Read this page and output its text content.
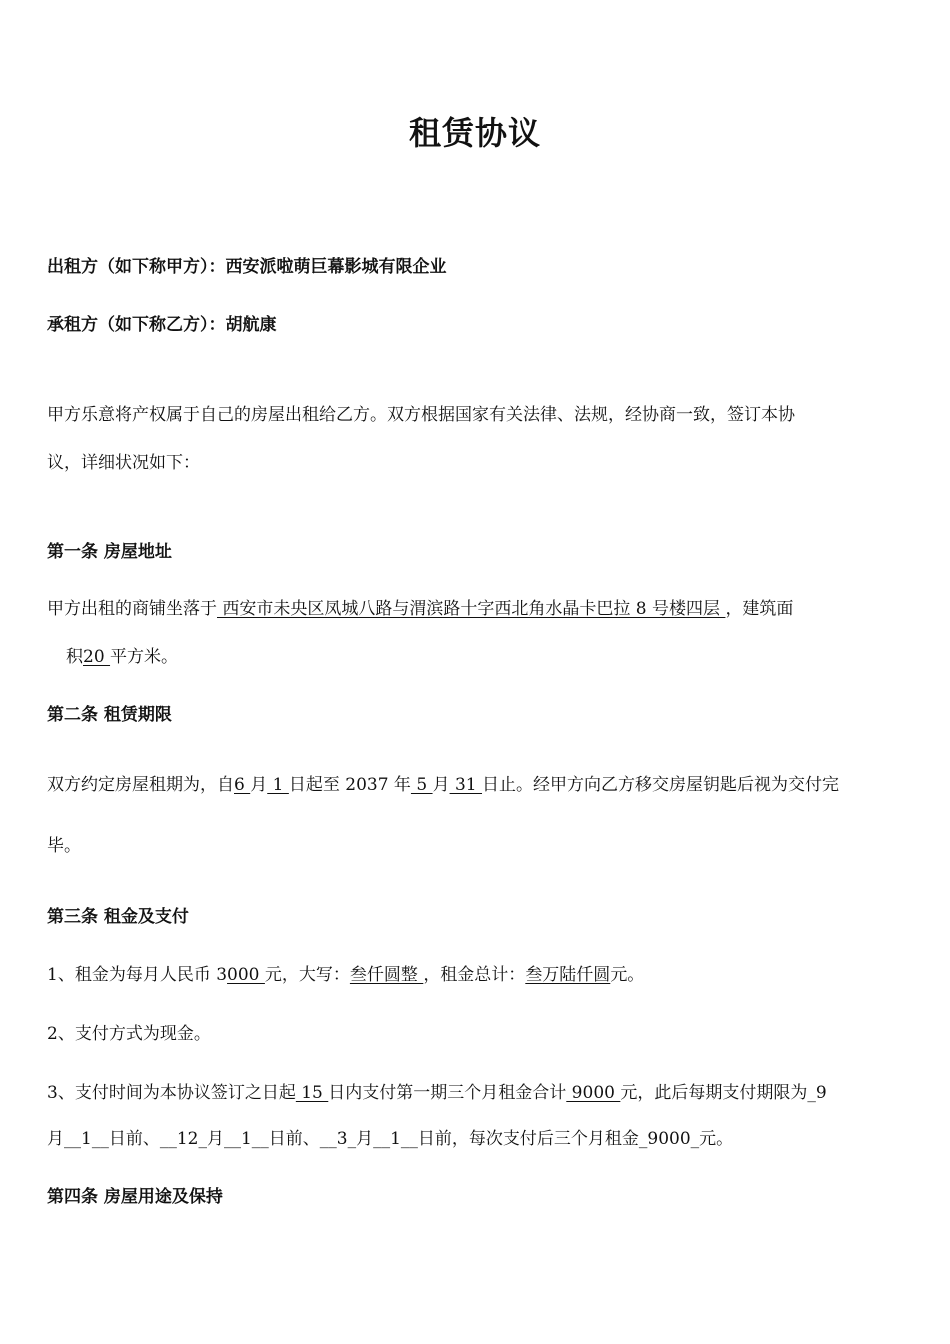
租赁协议
出租方（如下称甲方）：西安派啦萌巨幕影城有限企业
承租方（如下称乙方）：胡航康
甲方乐意将产权属于自己的房屋出租给乙方。双方根据国家有关法律、法规，经协商一致，签订本协
议，详细状况如下：
第一条 房屋地址
甲方出租的商铺坐落于 西安市未央区凤城八路与渭滨路十字西北角水晶卡巴拉 8 号楼四层 ，建筑面
积20 平方米。
第二条 租赁期限
双方约定房屋租期为，自6 月 1 日起至 2037 年 5 月 31 日止。经甲方向乙方移交房屋钥匙后视为交付完
毕。
第三条 租金及支付
1、租金为每月人民币 3000 元，大写：叁仟圆整 ，租金总计：叁万陆仟圆元。
2、支付方式为现金。
3、支付时间为本协议签订之日起 15 日内支付第一期三个月租金合计 9000 元，此后每期支付期限为_9
月__1__日前、__12_月__1__日前、__3_月__1__日前，每次支付后三个月租金_9000_元。
第四条 房屋用途及保持
